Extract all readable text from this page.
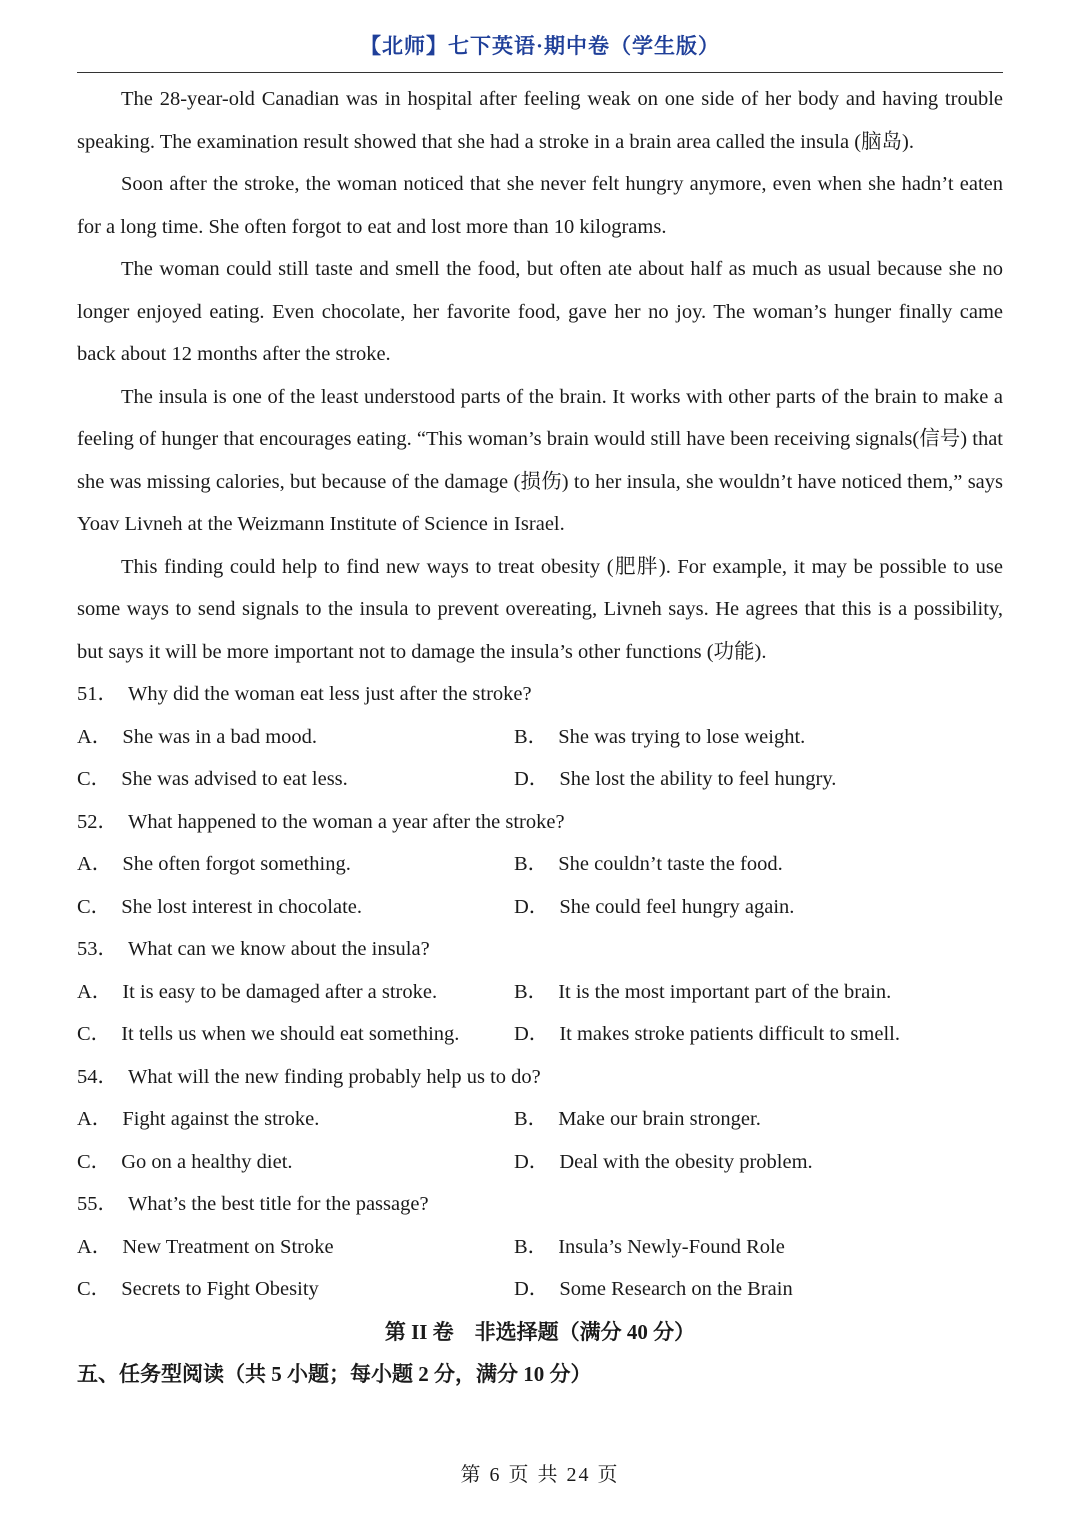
【北师】七下英语·期中卷（学生版）

The 28-year-old Canadian was in hospital after feeling weak on one side of her body and having trouble speaking. The examination result showed that she had a stroke in a brain area called the insula (脑岛).

Soon after the stroke, the woman noticed that she never felt hungry anymore, even when she hadn’t eaten for a long time. She often forgot to eat and lost more than 10 kilograms.

The woman could still taste and smell the food, but often ate about half as much as usual because she no longer enjoyed eating. Even chocolate, her favorite food, gave her no joy. The woman’s hunger finally came back about 12 months after the stroke.

The insula is one of the least understood parts of the brain. It works with other parts of the brain to make a feeling of hunger that encourages eating. “This woman’s brain would still have been receiving signals(信号) that she was missing calories, but because of the damage (损伤) to her insula, she wouldn’t have noticed them,” says Yoav Livneh at the Weizmann Institute of Science in Israel.

This finding could help to find new ways to treat obesity (肥胖). For example, it may be possible to use some ways to send signals to the insula to prevent overeating, Livneh says. He agrees that this is a possibility, but says it will be more important not to damage the insula’s other functions (功能).

51． Why did the woman eat less just after the stroke?

A． She was in a bad mood.	B． She was trying to lose weight.
C． She was advised to eat less.	D． She lost the ability to feel hungry.

52． What happened to the woman a year after the stroke?

A． She often forgot something.	B． She couldn’t taste the food.
C． She lost interest in chocolate.	D． She could feel hungry again.

53． What can we know about the insula?

A． It is easy to be damaged after a stroke.	B． It is the most important part of the brain.
C． It tells us when we should eat something.	D． It makes stroke patients difficult to smell.

54． What will the new finding probably help us to do?

A． Fight against the stroke.	B． Make our brain stronger.
C． Go on a healthy diet.	D． Deal with the obesity problem.

55． What’s the best title for the passage?

A． New Treatment on Stroke	B． Insula’s Newly-Found Role
C． Secrets to Fight Obesity	D． Some Research on the Brain

第 II 卷　非选择题（满分 40 分）

五、任务型阅读（共 5 小题；每小题 2 分，满分 10 分）

第 6 页 共 24 页
